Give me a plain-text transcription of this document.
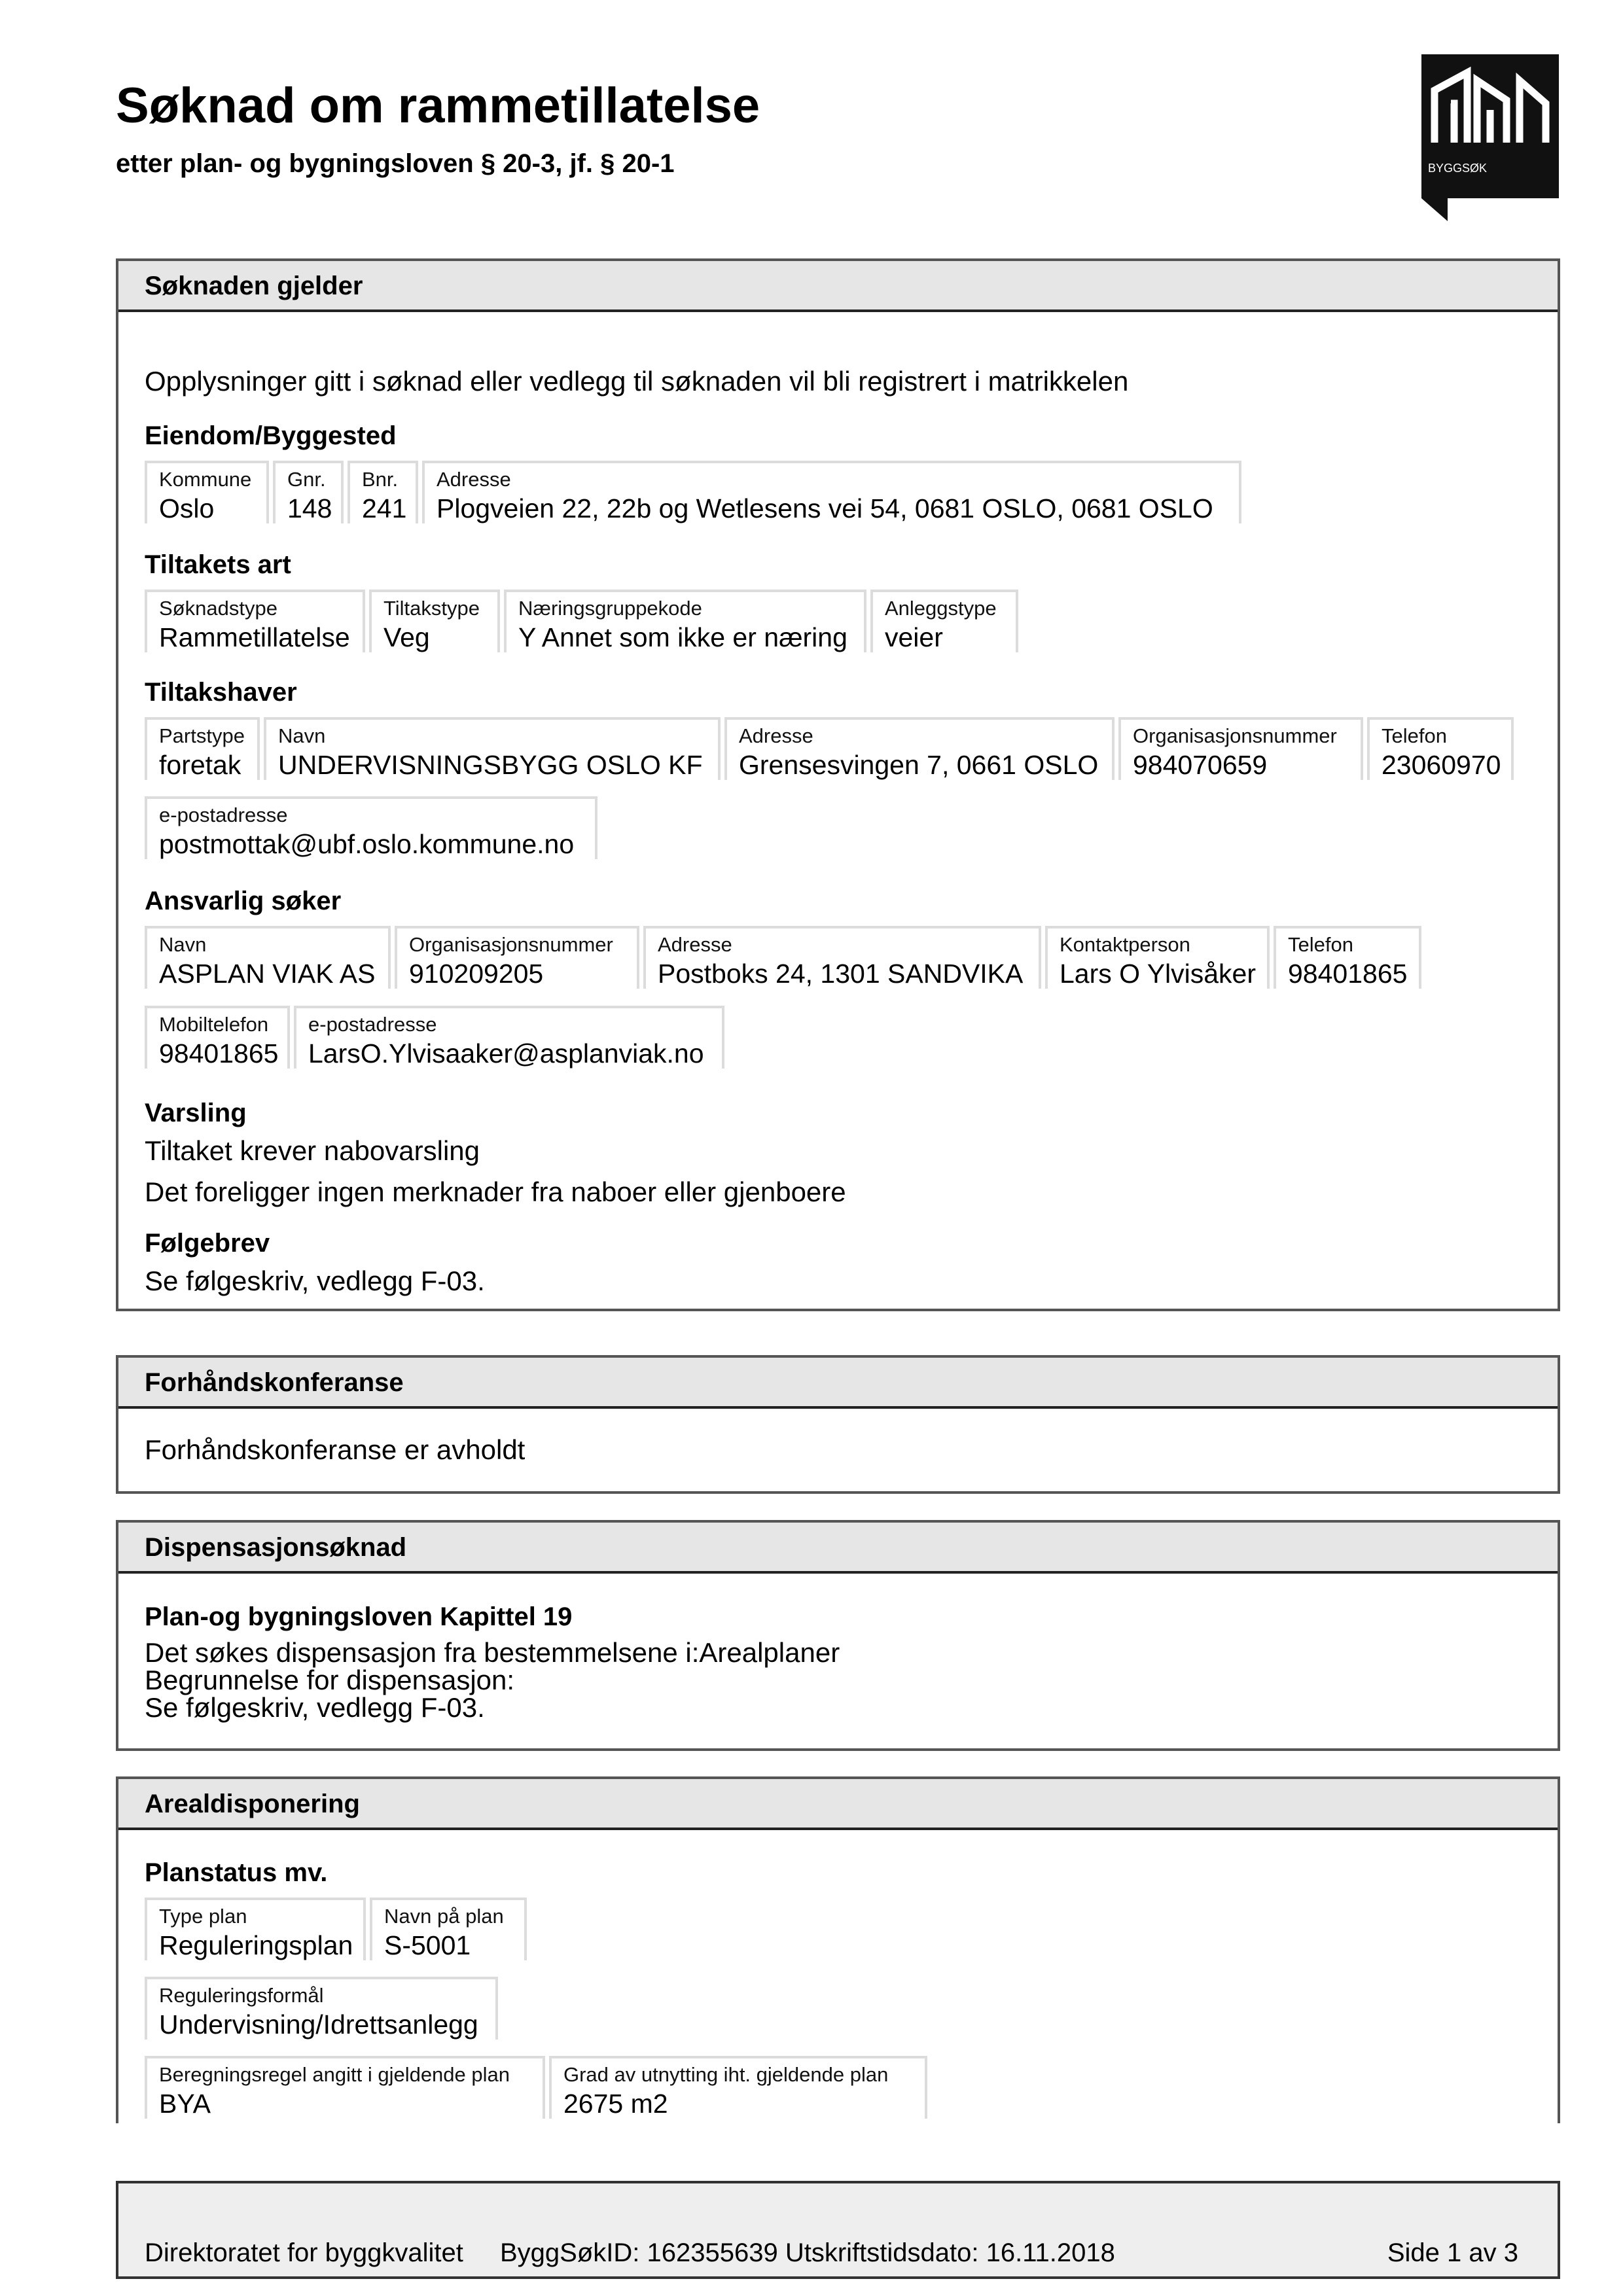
Søknad om rammetillatelse
etter plan- og bygningsloven § 20-3, jf. § 20-1	BYGGSØK
Søknaden gjelder
Opplysninger gitt i søknad eller vedlegg til søknaden vil bli registrert i matrikkelen
Eiendom/Byggested
Kommune
Oslo
Gnr.
148
Bnr.
241
Adresse
Plogveien 22, 22b og Wetlesens vei 54, 0681 OSLO, 0681 OSLO
Tiltakets art
Søknadstype
Rammetillatelse
Tiltakstype
Veg
Næringsgruppekode
Y Annet som ikke er næring
Anleggstype
veier
Tiltakshaver
Partstype
foretak
Navn
UNDERVISNINGSBYGG OSLO KF
Adresse
Grensesvingen 7, 0661 OSLO
Organisasjonsnummer
984070659
Telefon
23060970
e-postadresse
postmottak@ubf.oslo.kommune.no
Ansvarlig søker
Navn
ASPLAN VIAK AS
Organisasjonsnummer
910209205
Adresse
Postboks 24, 1301 SANDVIKA
Kontaktperson
Lars O Ylvisåker
Telefon
98401865
Mobiltelefon
98401865
e-postadresse
LarsO.Ylvisaaker@asplanviak.no
Varsling
Tiltaket krever nabovarsling
Det foreligger ingen merknader fra naboer eller gjenboere
Følgebrev
Se følgeskriv, vedlegg F-03.
Forhåndskonferanse
Forhåndskonferanse er avholdt
Dispensasjonsøknad
Plan-og bygningsloven Kapittel 19
Det søkes dispensasjon fra bestemmelsene i:Arealplaner
Begrunnelse for dispensasjon:
Se følgeskriv, vedlegg F-03.
Arealdisponering
Planstatus mv.
Type plan
Reguleringsplan
Navn på plan
S-5001
Reguleringsformål
Undervisning/Idrettsanlegg
Beregningsregel angitt i gjeldende plan
BYA
Grad av utnytting iht. gjeldende plan
2675 m2
Direktoratet for byggkvalitet ByggSøkID: 162355639 Utskriftstidsdato: 16.11.2018	Side 1 av 3
